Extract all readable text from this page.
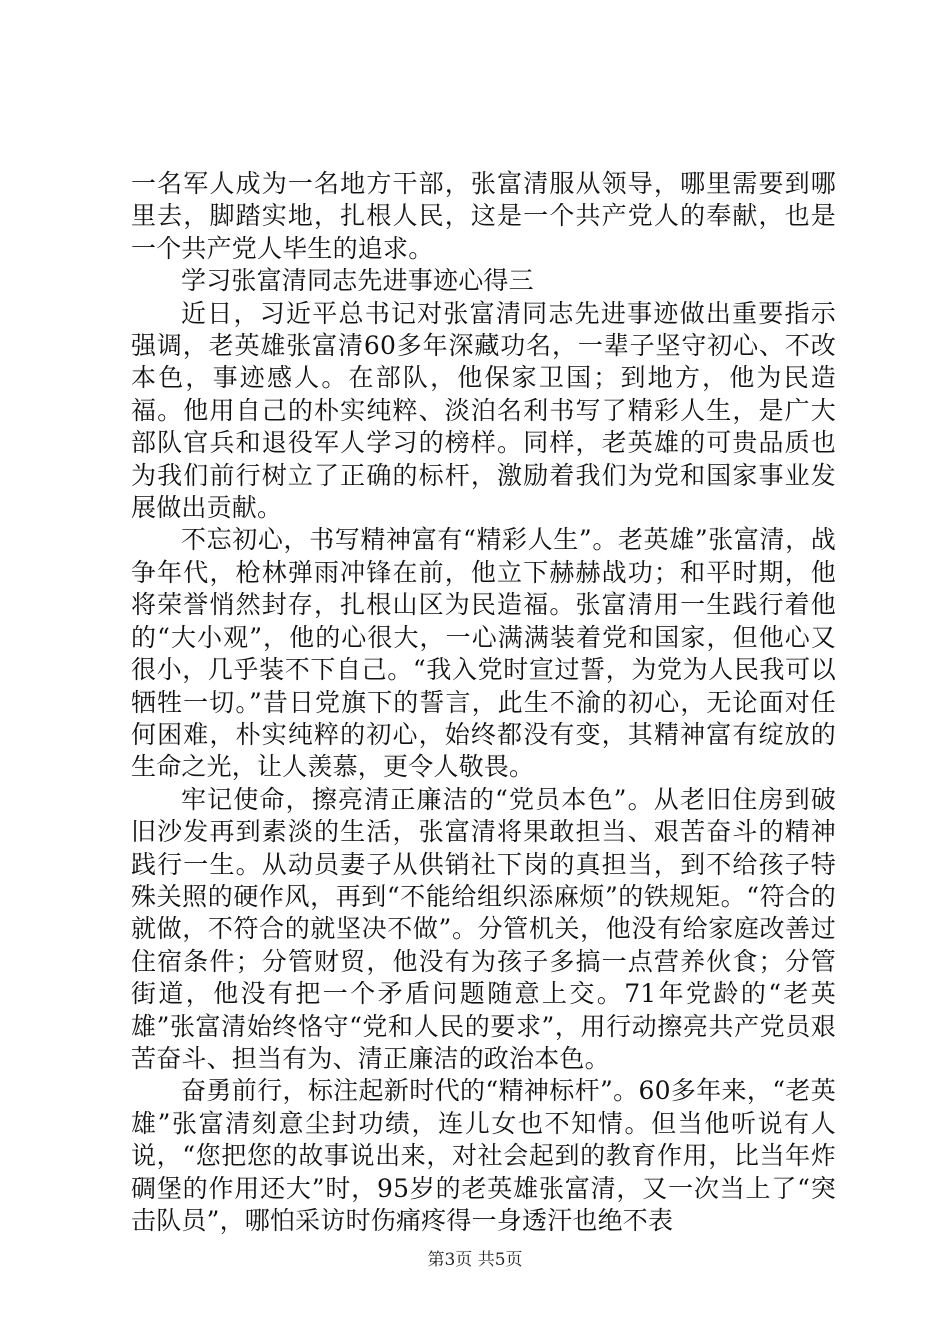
一名军人成为一名地方干部，张富清服从领导，哪里需要到哪里去，脚踏实地，扎根人民，这是一个共产党人的奉献，也是一个共产党人毕生的追求。

学习张富清同志先进事迹心得三

近日，习近平总书记对张富清同志先进事迹做出重要指示强调，老英雄张富清60多年深藏功名，一辈子坚守初心、不改本色，事迹感人。在部队，他保家卫国；到地方，他为民造福。他用自己的朴实纯粹、淡泊名利书写了精彩人生，是广大部队官兵和退役军人学习的榜样。同样，老英雄的可贵品质也为我们前行树立了正确的标杆，激励着我们为党和国家事业发展做出贡献。

不忘初心，书写精神富有“精彩人生”。老英雄”张富清，战争年代，枪林弹雨冲锋在前，他立下赫赫战功；和平时期，他将荣誉悄然封存，扎根山区为民造福。张富清用一生践行着他的“大小观”，他的心很大，一心满满装着党和国家，但他心又很小，几乎装不下自己。“我入党时宣过誓，为党为人民我可以牺牲一切。”昔日党旗下的誓言，此生不渝的初心，无论面对任何困难，朴实纯粹的初心，始终都没有变，其精神富有绽放的生命之光，让人羡慕，更令人敬畏。

牢记使命，擦亮清正廉洁的“党员本色”。从老旧住房到破旧沙发再到素淡的生活，张富清将果敢担当、艰苦奋斗的精神践行一生。从动员妻子从供销社下岗的真担当，到不给孩子特殊关照的硬作风，再到“不能给组织添麻烦”的铁规矩。“符合的就做，不符合的就坚决不做”。分管机关，他没有给家庭改善过住宿条件；分管财贸，他没有为孩子多搞一点营养伙食；分管街道，他没有把一个矛盾问题随意上交。71年党龄的“老英雄”张富清始终恪守“党和人民的要求”，用行动擦亮共产党员艰苦奋斗、担当有为、清正廉洁的政治本色。

奋勇前行，标注起新时代的“精神标杆”。60多年来，“老英雄”张富清刻意尘封功绩，连儿女也不知情。但当他听说有人说，“您把您的故事说出来，对社会起到的教育作用，比当年炸碉堡的作用还大”时，95岁的老英雄张富清，又一次当上了“突击队员”，哪怕采访时伤痛疼得一身透汗也绝不表

第3页 共5页
